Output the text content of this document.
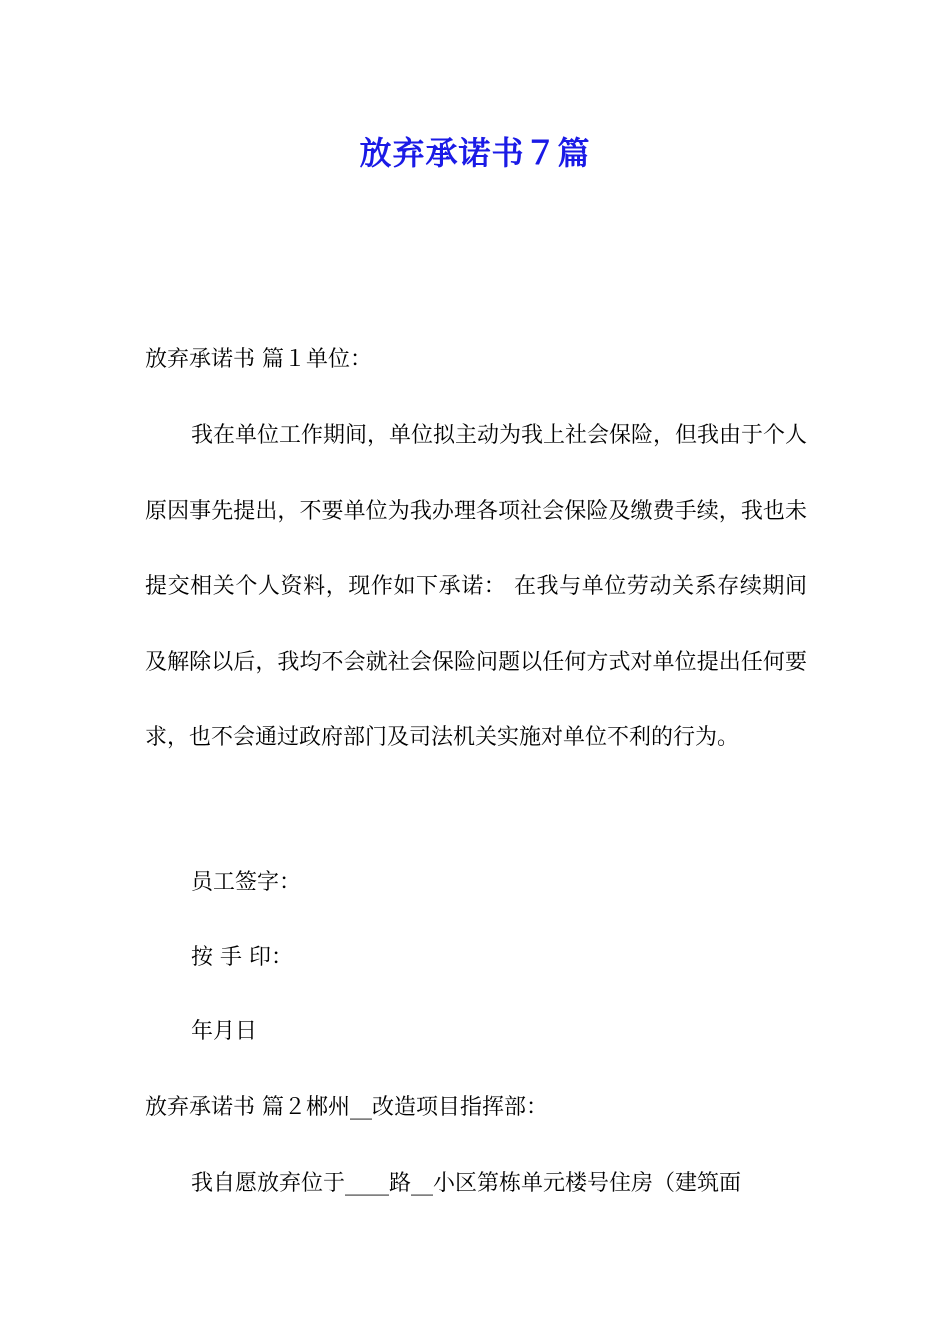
放弃承诺书７篇

放弃承诺书 篇１单位：

我在单位工作期间，单位拟主动为我上社会保险，但我由于个人原因事先提出，不要单位为我办理各项社会保险及缴费手续，我也未提交相关个人资料，现作如下承诺： 在我与单位劳动关系存续期间及解除以后，我均不会就社会保险问题以任何方式对单位提出任何要求，也不会通过政府部门及司法机关实施对单位不利的行为。

员工签字：

按 手 印：

年月日

放弃承诺书 篇２郴州__改造项目指挥部：

我自愿放弃位于____路__小区第栋单元楼号住房（建筑面
